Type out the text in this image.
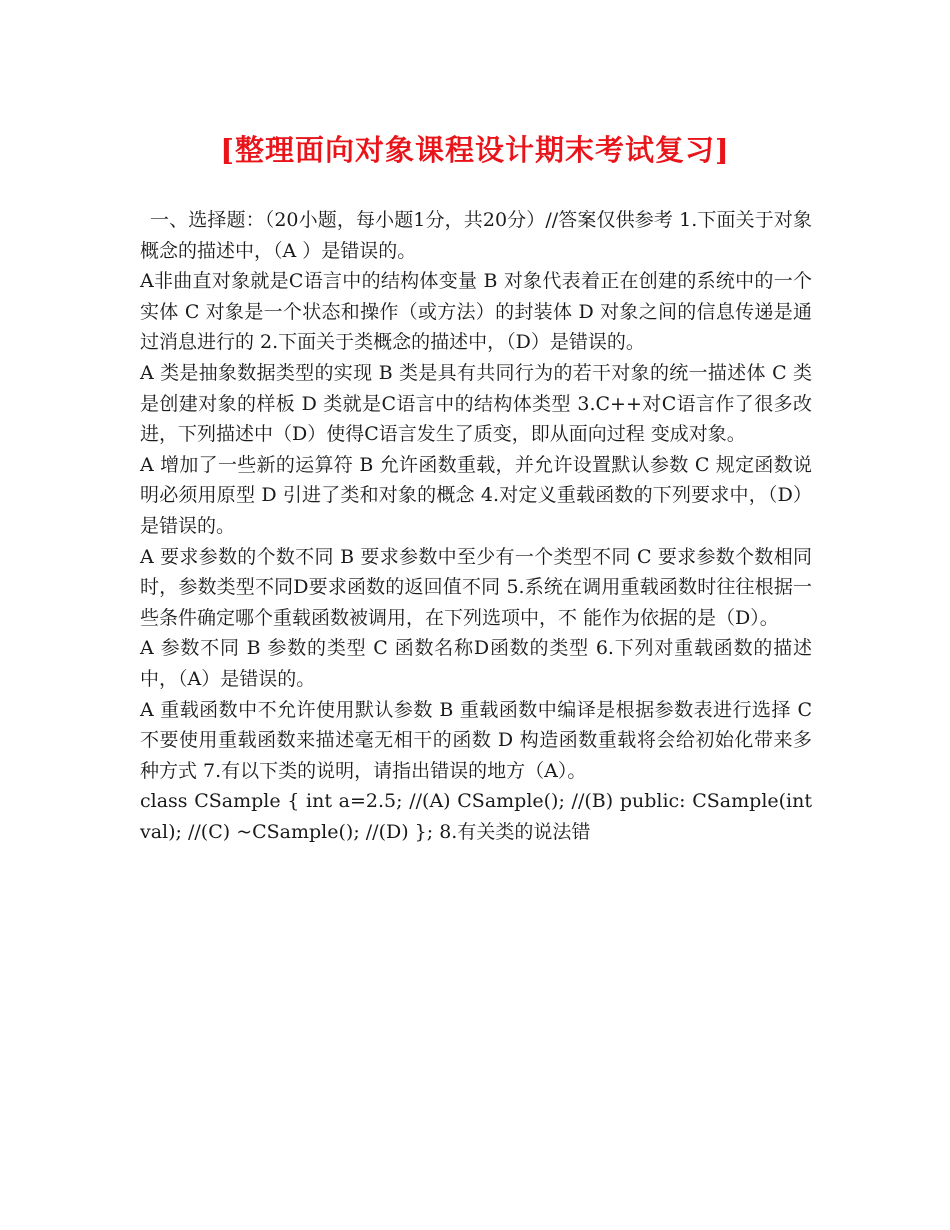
[整理面向对象课程设计期末考试复习]

一、选择题：（20小题，每小题1分，共20分）//答案仅供参考 1.下面关于对象概念的描述中，（A ）是错误的。

A非曲直对象就是C语言中的结构体变量 B 对象代表着正在创建的系统中的一个实体 C 对象是一个状态和操作（或方法）的封装体 D 对象之间的信息传递是通过消息进行的 2.下面关于类概念的描述中，（D）是错误的。

A 类是抽象数据类型的实现 B 类是具有共同行为的若干对象的统一描述体 C 类是创建对象的样板 D 类就是C语言中的结构体类型 3.C++对C语言作了很多改进，下列描述中（D）使得C语言发生了质变，即从面向过程 变成对象。

A 增加了一些新的运算符 B 允许函数重载，并允许设置默认参数 C 规定函数说明必须用原型 D 引进了类和对象的概念 4.对定义重载函数的下列要求中，（D）是错误的。

A 要求参数的个数不同 B 要求参数中至少有一个类型不同 C 要求参数个数相同时，参数类型不同D要求函数的返回值不同 5.系统在调用重载函数时往往根据一些条件确定哪个重载函数被调用，在下列选项中，不 能作为依据的是（D）。

A 参数不同 B 参数的类型 C 函数名称D函数的类型 6.下列对重载函数的描述中，（A）是错误的。

A 重载函数中不允许使用默认参数 B 重载函数中编译是根据参数表进行选择 C 不要使用重载函数来描述毫无相干的函数 D 构造函数重载将会给初始化带来多种方式 7.有以下类的说明，请指出错误的地方（A）。

class CSample { int a=2.5; //(A) CSample(); //(B) public: CSample(int val); //(C) ~CSample(); //(D) }; 8.有关类的说法错
